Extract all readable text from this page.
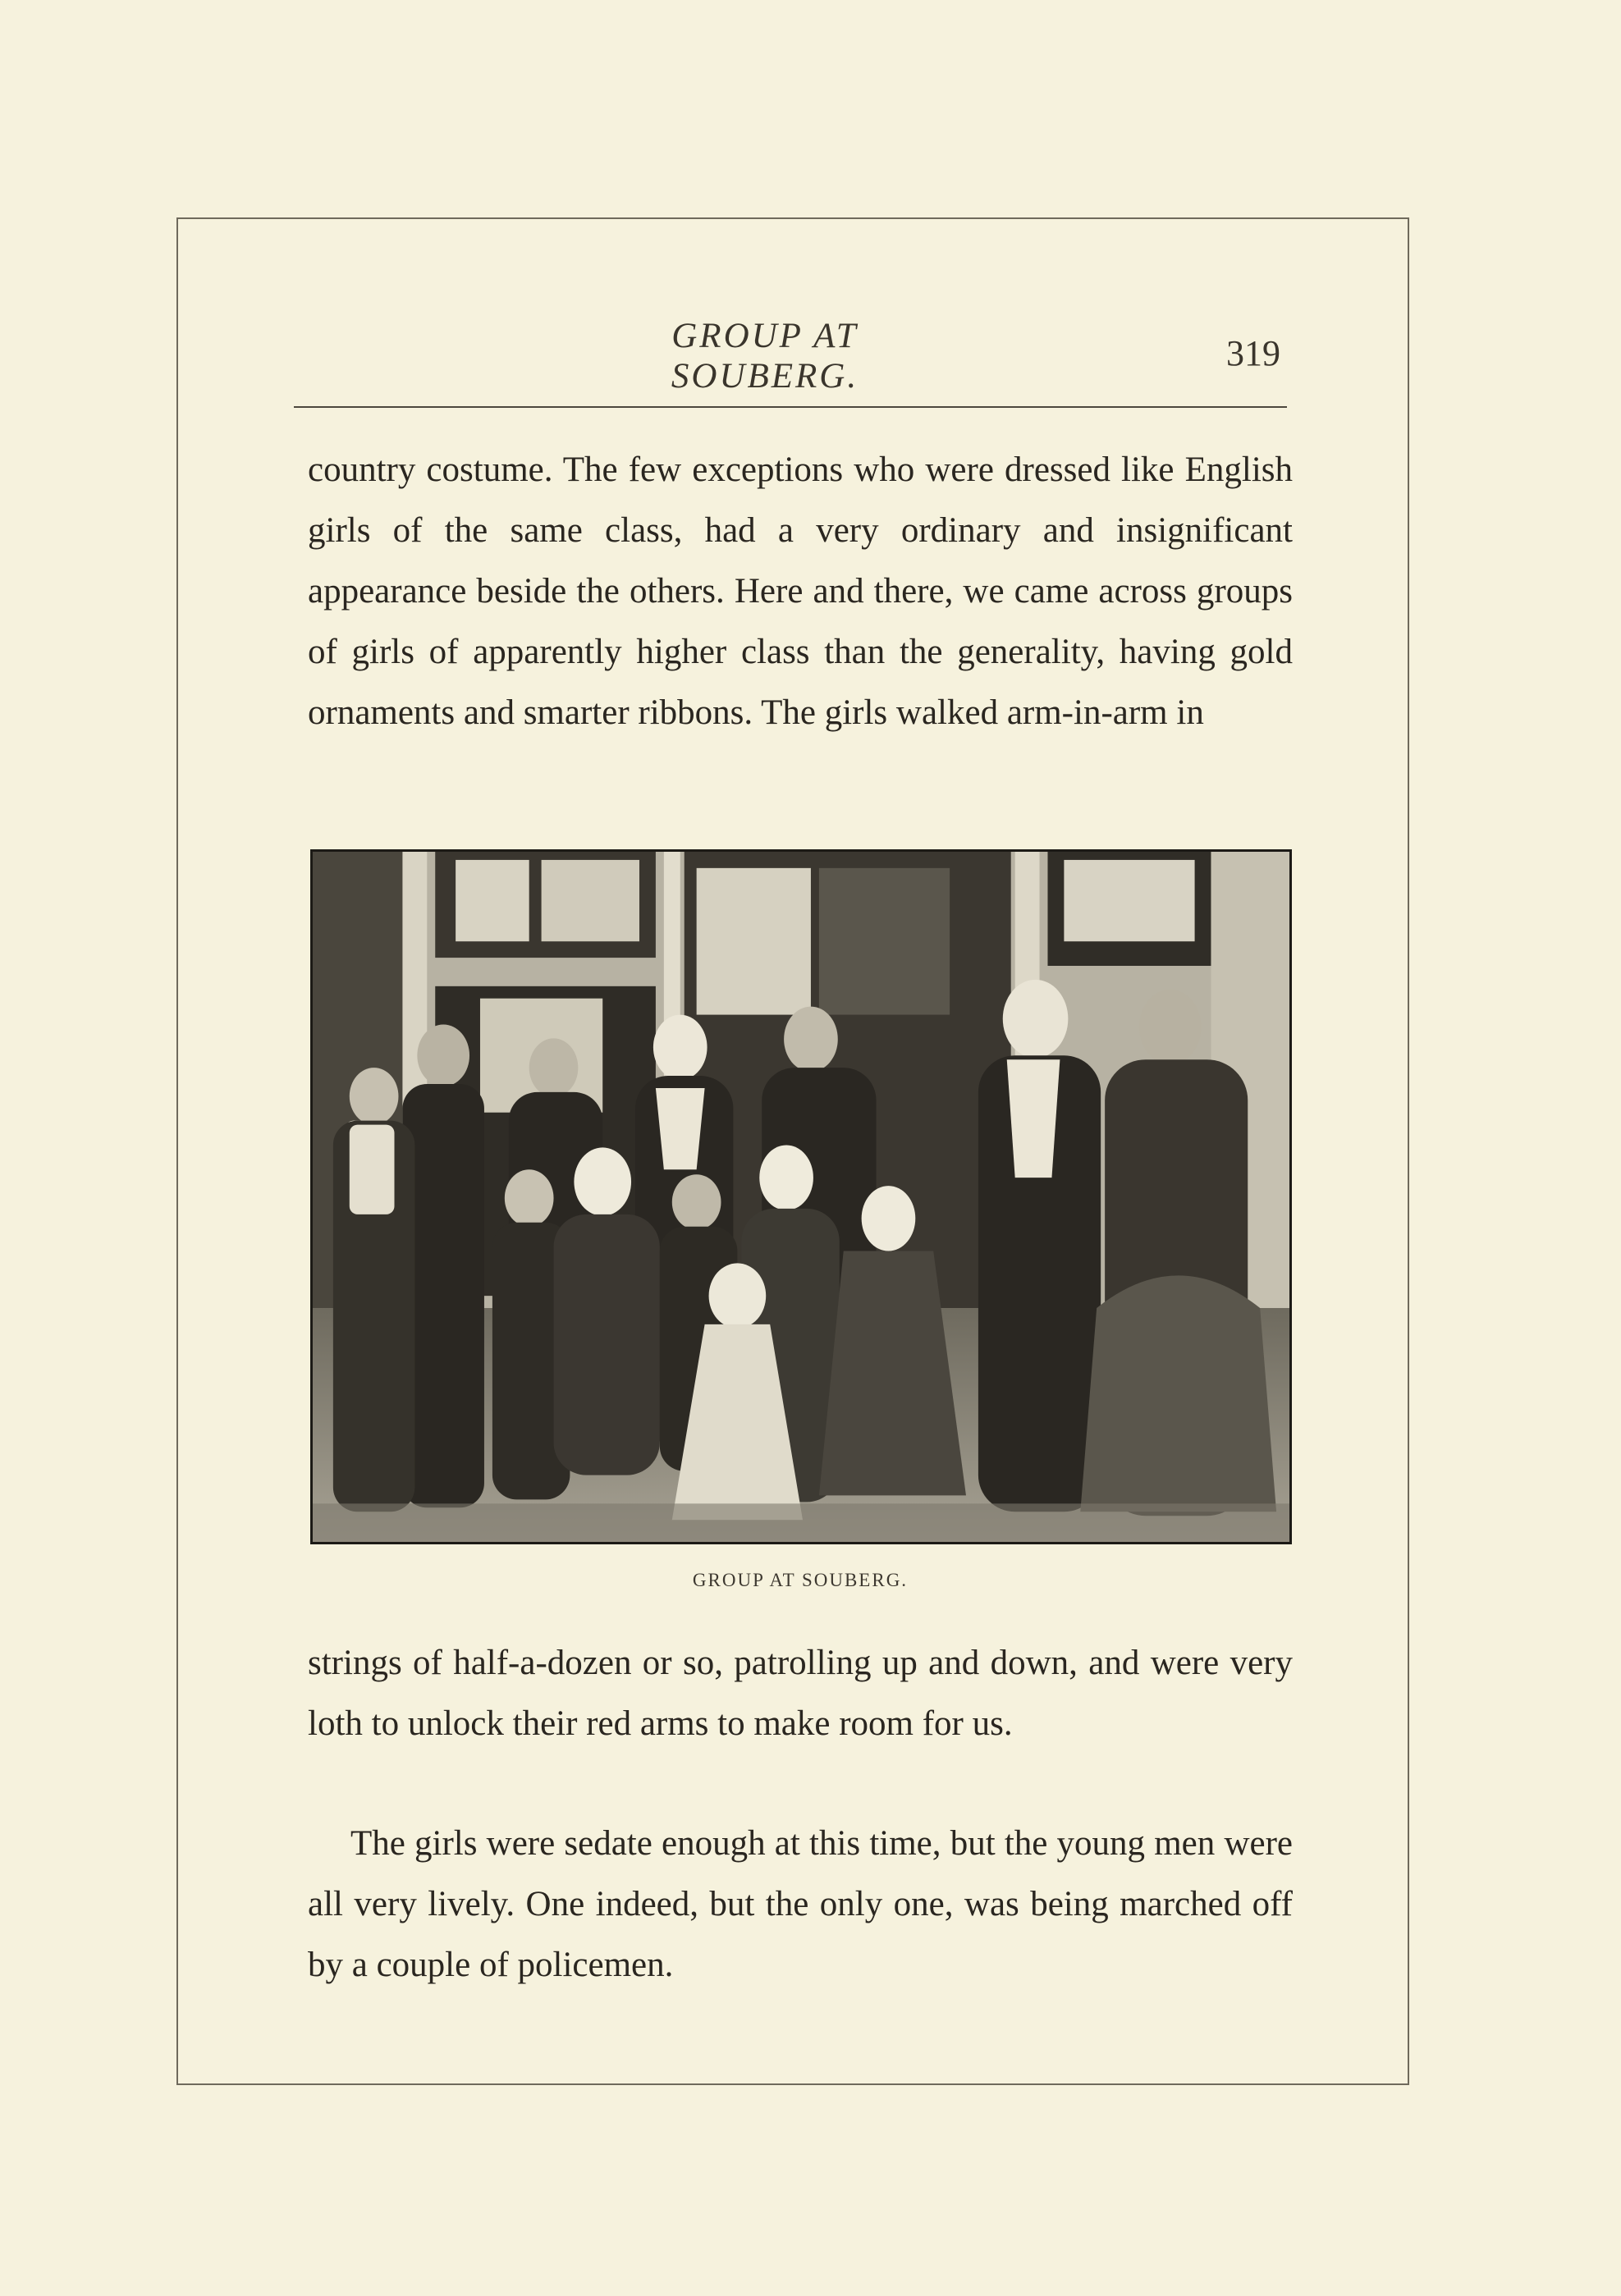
GROUP AT SOUBERG.
319

country costume. The few exceptions who were dressed like English girls of the same class, had a very ordinary and insignificant appearance beside the others. Here and there, we came across groups of girls of apparently higher class than the generality, having gold ornaments and smarter ribbons. The girls walked arm-in-arm in

GROUP AT SOUBERG.

strings of half-a-dozen or so, patrolling up and down, and were very loth to unlock their red arms to make room for us.

The girls were sedate enough at this time, but the young men were all very lively. One indeed, but the only one, was being marched off by a couple of policemen.
